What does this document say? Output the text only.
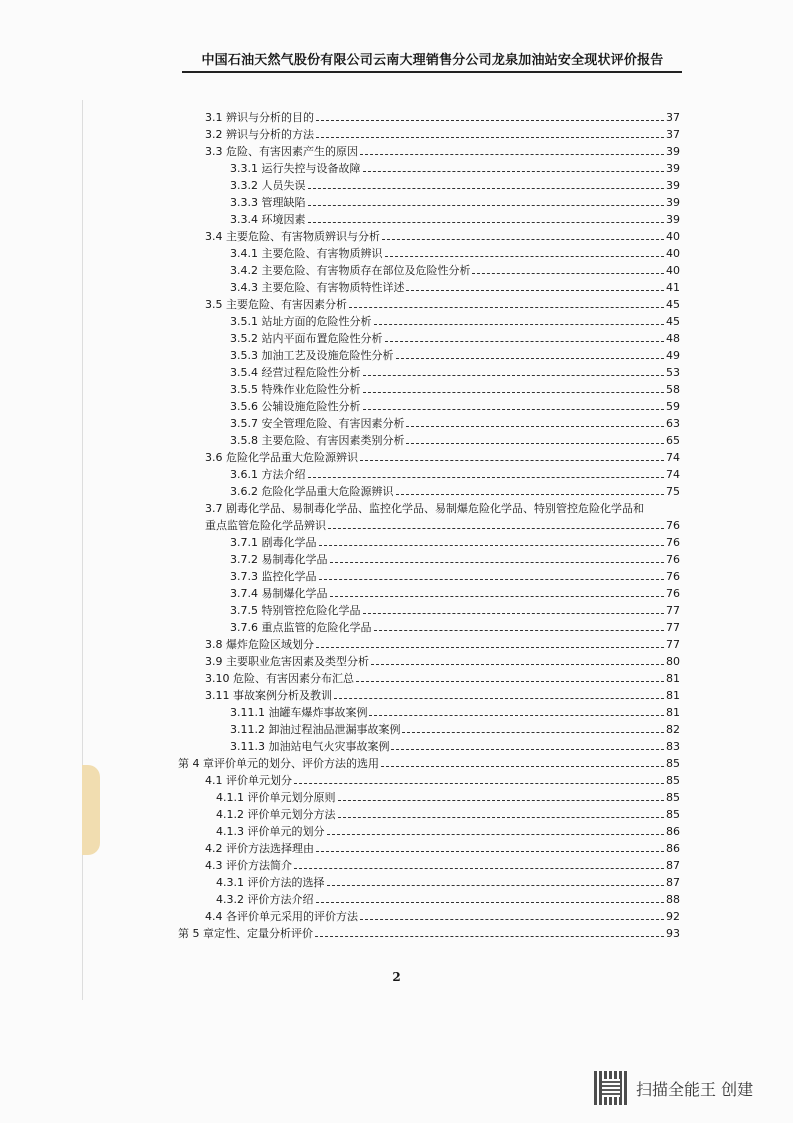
中国石油天然气股份有限公司云南大理销售分公司龙泉加油站安全现状评价报告
3.1 辨识与分析的目的	37
3.2 辨识与分析的方法	37
3.3 危险、有害因素产生的原因	39
3.3.1 运行失控与设备故障	39
3.3.2 人员失误	39
3.3.3 管理缺陷	39
3.3.4 环境因素	39
3.4 主要危险、有害物质辨识与分析	40
3.4.1 主要危险、有害物质辨识	40
3.4.2 主要危险、有害物质存在部位及危险性分析	40
3.4.3 主要危险、有害物质特性详述	41
3.5 主要危险、有害因素分析	45
3.5.1 站址方面的危险性分析	45
3.5.2 站内平面布置危险性分析	48
3.5.3 加油工艺及设施危险性分析	49
3.5.4 经营过程危险性分析	53
3.5.5 特殊作业危险性分析	58
3.5.6 公辅设施危险性分析	59
3.5.7 安全管理危险、有害因素分析	63
3.5.8 主要危险、有害因素类别分析	65
3.6 危险化学品重大危险源辨识	74
3.6.1 方法介绍	74
3.6.2 危险化学品重大危险源辨识	75
3.7 剧毒化学品、易制毒化学品、监控化学品、易制爆危险化学品、特别管控危险化学品和
重点监管危险化学品辨识	76
3.7.1 剧毒化学品	76
3.7.2 易制毒化学品	76
3.7.3 监控化学品	76
3.7.4 易制爆化学品	76
3.7.5 特别管控危险化学品	77
3.7.6 重点监管的危险化学品	77
3.8 爆炸危险区域划分	77
3.9 主要职业危害因素及类型分析	80
3.10 危险、有害因素分布汇总	81
3.11 事故案例分析及教训	81
3.11.1 油罐车爆炸事故案例	81
3.11.2 卸油过程油品泄漏事故案例	82
3.11.3 加油站电气火灾事故案例	83
第 4 章评价单元的划分、评价方法的选用	85
4.1 评价单元划分	85
4.1.1 评价单元划分原则	85
4.1.2 评价单元划分方法	85
4.1.3 评价单元的划分	86
4.2 评价方法选择理由	86
4.3 评价方法简介	87
4.3.1 评价方法的选择	87
4.3.2 评价方法介绍	88
4.4 各评价单元采用的评价方法	92
第 5 章定性、定量分析评价	93
2
扫描全能王 创建
